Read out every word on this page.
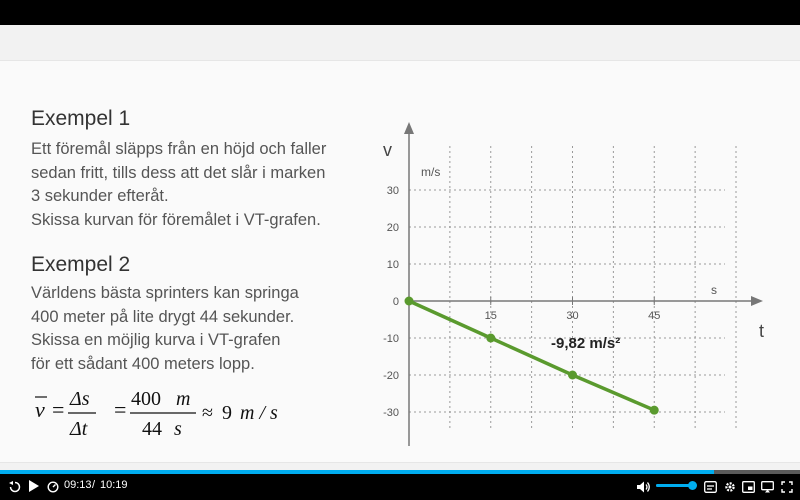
Exempel 1
Ett föremål släpps från en höjd och faller
sedan fritt, tills dess att det slår i marken
3 sekunder efteråt.
Skissa kurvan för föremålet i VT-grafen.
Exempel 2
Världens bästa sprinters kan springa
400 meter på lite drygt 44 sekunder.
Skissa en möjlig kurva i VT-grafen
för ett sådant 400 meters lopp.
v = Δs
Δt
= 400 m
44 s
≈ 9 m / s
v
m/s
t
s
30
20
10
0
-10
-20
-30
15	30	45
-9,82 m/s²
09:13 / 10:19
